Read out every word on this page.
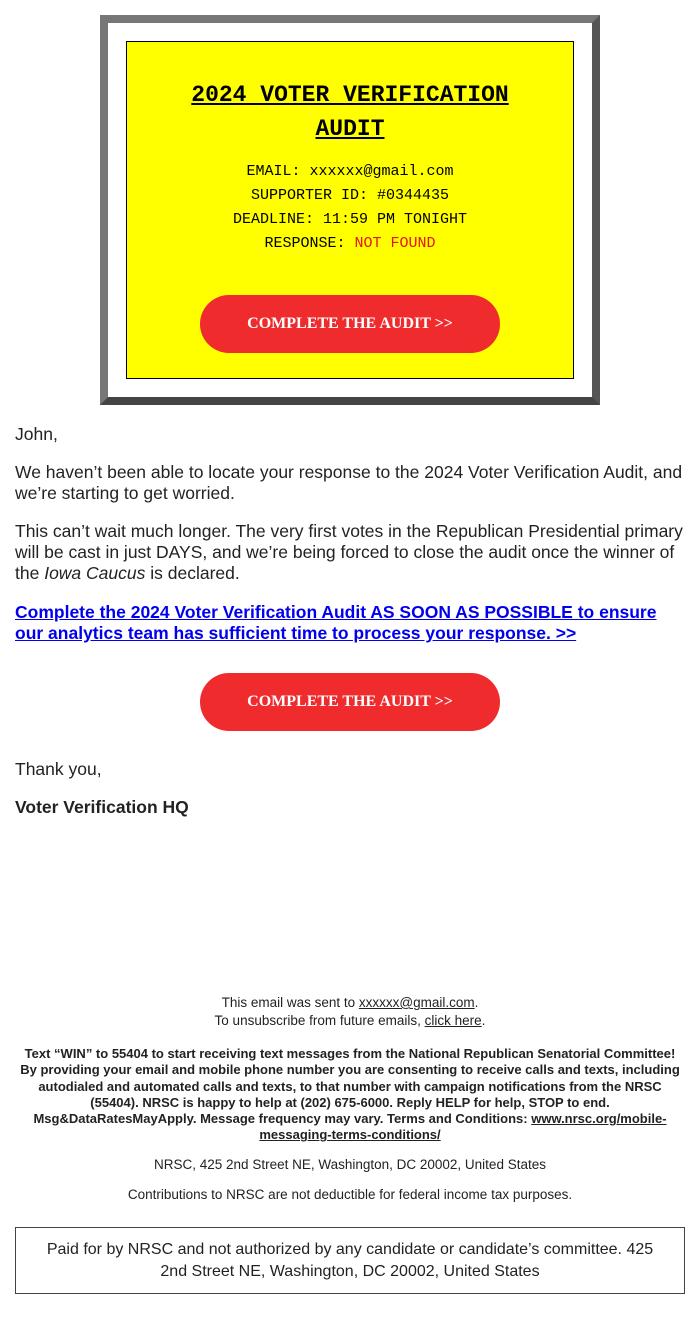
2024 VOTER VERIFICATION AUDIT
EMAIL: xxxxxx@gmail.com
SUPPORTER ID: #0344435
DEADLINE: 11:59 PM TONIGHT
RESPONSE: NOT FOUND
COMPLETE THE AUDIT >>

John,

We haven’t been able to locate your response to the 2024 Voter Verification Audit, and we’re starting to get worried.

This can’t wait much longer. The very first votes in the Republican Presidential primary will be cast in just DAYS, and we’re being forced to close the audit once the winner of the Iowa Caucus is declared.

Complete the 2024 Voter Verification Audit AS SOON AS POSSIBLE to ensure our analytics team has sufficient time to process your response. >>

COMPLETE THE AUDIT >>

Thank you,

Voter Verification HQ

This email was sent to xxxxxx@gmail.com.
To unsubscribe from future emails, click here.
Text “WIN” to 55404 to start receiving text messages from the National Republican Senatorial Committee! By providing your email and mobile phone number you are consenting to receive calls and texts, including autodialed and automated calls and texts, to that number with campaign notifications from the NRSC (55404). NRSC is happy to help at (202) 675-6000. Reply HELP for help, STOP to end. Msg&DataRatesMayApply. Message frequency may vary. Terms and Conditions: www.nrsc.org/mobile-messaging-terms-conditions/
NRSC, 425 2nd Street NE, Washington, DC 20002, United States
Contributions to NRSC are not deductible for federal income tax purposes.
Paid for by NRSC and not authorized by any candidate or candidate’s committee. 425 2nd Street NE, Washington, DC 20002, United States
